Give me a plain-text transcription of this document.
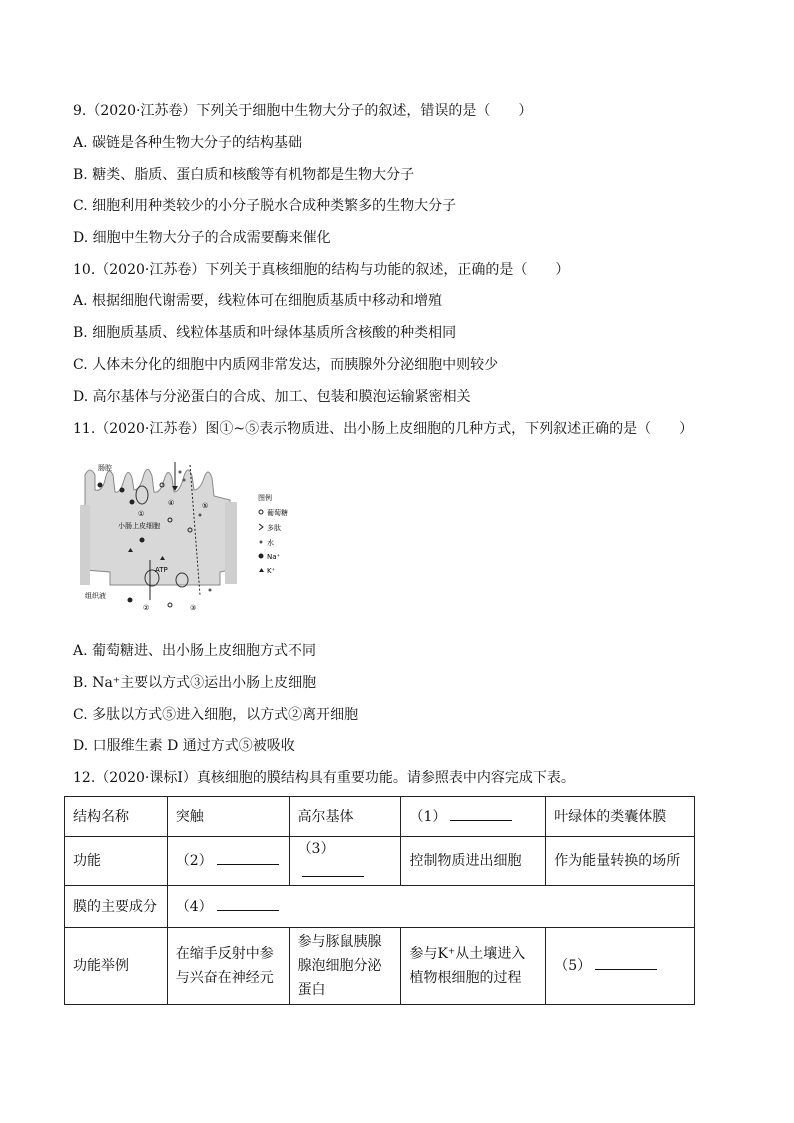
9.（2020·江苏卷）下列关于细胞中生物大分子的叙述，错误的是（　　）
A. 碳链是各种生物大分子的结构基础
B. 糖类、脂质、蛋白质和核酸等有机物都是生物大分子
C. 细胞利用种类较少的小分子脱水合成种类繁多的生物大分子
D. 细胞中生物大分子的合成需要酶来催化
10.（2020·江苏卷）下列关于真核细胞的结构与功能的叙述，正确的是（　　）
A. 根据细胞代谢需要，线粒体可在细胞质基质中移动和增殖
B. 细胞质基质、线粒体基质和叶绿体基质所含核酸的种类相同
C. 人体未分化的细胞中内质网非常发达，而胰腺外分泌细胞中则较少
D. 高尔基体与分泌蛋白的合成、加工、包装和膜泡运输紧密相关
11.（2020·江苏卷）图①~⑤表示物质进、出小肠上皮细胞的几种方式，下列叙述正确的是（　　）
肠腔
小肠上皮细胞
组织液
ATP
①
②	③
④	⑤
图例
葡萄糖
多肽
水
Na⁺
K⁺
A. 葡萄糖进、出小肠上皮细胞方式不同
B. Na⁺主要以方式③运出小肠上皮细胞
C. 多肽以方式⑤进入细胞，以方式②离开细胞
D. 口服维生素 D 通过方式⑤被吸收
12.（2020·课标Ⅰ）真核细胞的膜结构具有重要功能。请参照表中内容完成下表。
结构名称	突触	高尔基体	（1）	叶绿体的类囊体膜
功能	（2）	（3）	控制物质进出细胞	作为能量转换的场所
膜的主要成分	（4）			
功能举例	在缩手反射中参与兴奋在神经元	参与豚鼠胰腺腺泡细胞分泌蛋白	参与K⁺从土壤进入植物根细胞的过程	（5）
